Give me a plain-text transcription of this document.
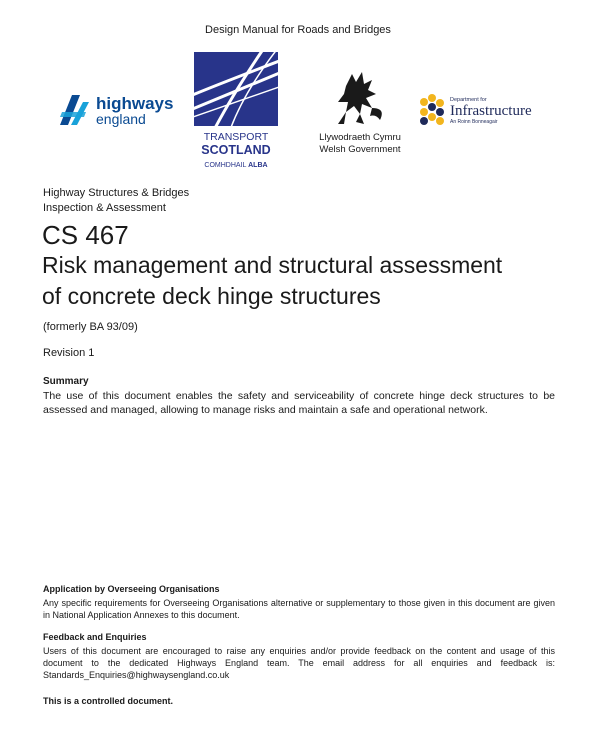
Design Manual for Roads and Bridges
highways
england
TRANSPORT
SCOTLAND
COMHDHAIL ALBA
Llywodraeth Cymru
Welsh Government
Department for
Infrastructure
An Roinn Bonneagair
Highway Structures & Bridges
Inspection & Assessment
CS 467
Risk management and structural assessment
of concrete deck hinge structures
(formerly BA 93/09)
Revision 1
Summary
The use of this document enables the safety and serviceability of concrete hinge deck structures to be assessed and managed, allowing to manage risks and maintain a safe and operational network.
Application by Overseeing Organisations
Any specific requirements for Overseeing Organisations alternative or supplementary to those given in this document are given in National Application Annexes to this document.
Feedback and Enquiries
Users of this document are encouraged to raise any enquiries and/or provide feedback on the content and usage of this document to the dedicated Highways England team. The email address for all enquiries and feedback is: Standards_Enquiries@highwaysengland.co.uk
This is a controlled document.
